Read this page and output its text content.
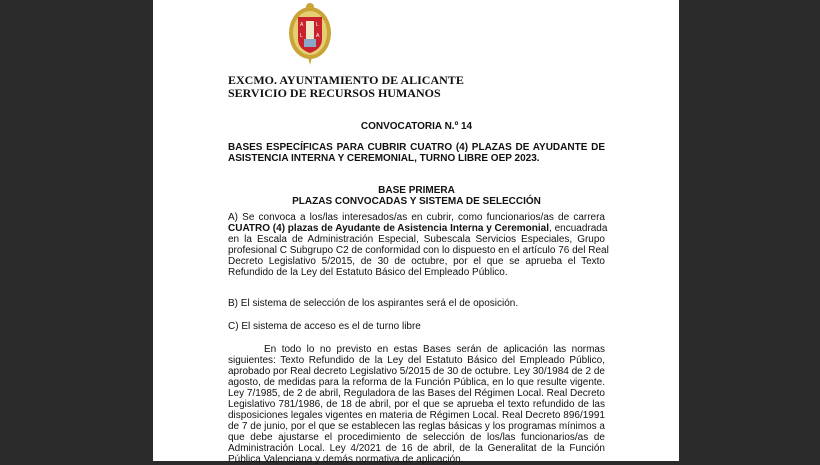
A	L
L	A
EXCMO. AYUNTAMIENTO DE ALICANTE
SERVICIO DE RECURSOS HUMANOS
CONVOCATORIA N.º 14
BASES ESPECÍFICAS PARA CUBRIR CUATRO (4) PLAZAS DE AYUDANTE DE
ASISTENCIA INTERNA Y CEREMONIAL, TURNO LIBRE OEP 2023.
BASE PRIMERA
PLAZAS CONVOCADAS Y SISTEMA DE SELECCIÓN
A) Se convoca a los/las interesados/as en cubrir, como funcionarios/as de carrera
CUATRO (4) plazas de Ayudante de Asistencia Interna y Ceremonial, encuadrada
en la Escala de Administración Especial, Subescala Servicios Especiales, Grupo
profesional C Subgrupo C2 de conformidad con lo dispuesto en el artículo 76 del Real
Decreto Legislativo 5/2015, de 30 de octubre, por el que se aprueba el Texto
Refundido de la Ley del Estatuto Básico del Empleado Público.
B) El sistema de selección de los aspirantes será el de oposición.
C) El sistema de acceso es el de turno libre
En todo lo no previsto en estas Bases serán de aplicación las normas
siguientes: Texto Refundido de la Ley del Estatuto Básico del Empleado Público,
aprobado por Real decreto Legislativo 5/2015 de 30 de octubre. Ley 30/1984 de 2 de
agosto, de medidas para la reforma de la Función Pública, en lo que resulte vigente.
Ley 7/1985, de 2 de abril, Reguladora de las Bases del Régimen Local. Real Decreto
Legislativo 781/1986, de 18 de abril, por el que se aprueba el texto refundido de las
disposiciones legales vigentes en materia de Régimen Local. Real Decreto 896/1991
de 7 de junio, por el que se establecen las reglas básicas y los programas mínimos a
que debe ajustarse el procedimiento de selección de los/las funcionarios/as de
Administración Local. Ley 4/2021 de 16 de abril, de la Generalitat de la Función
Pública Valenciana y demás normativa de aplicación.
